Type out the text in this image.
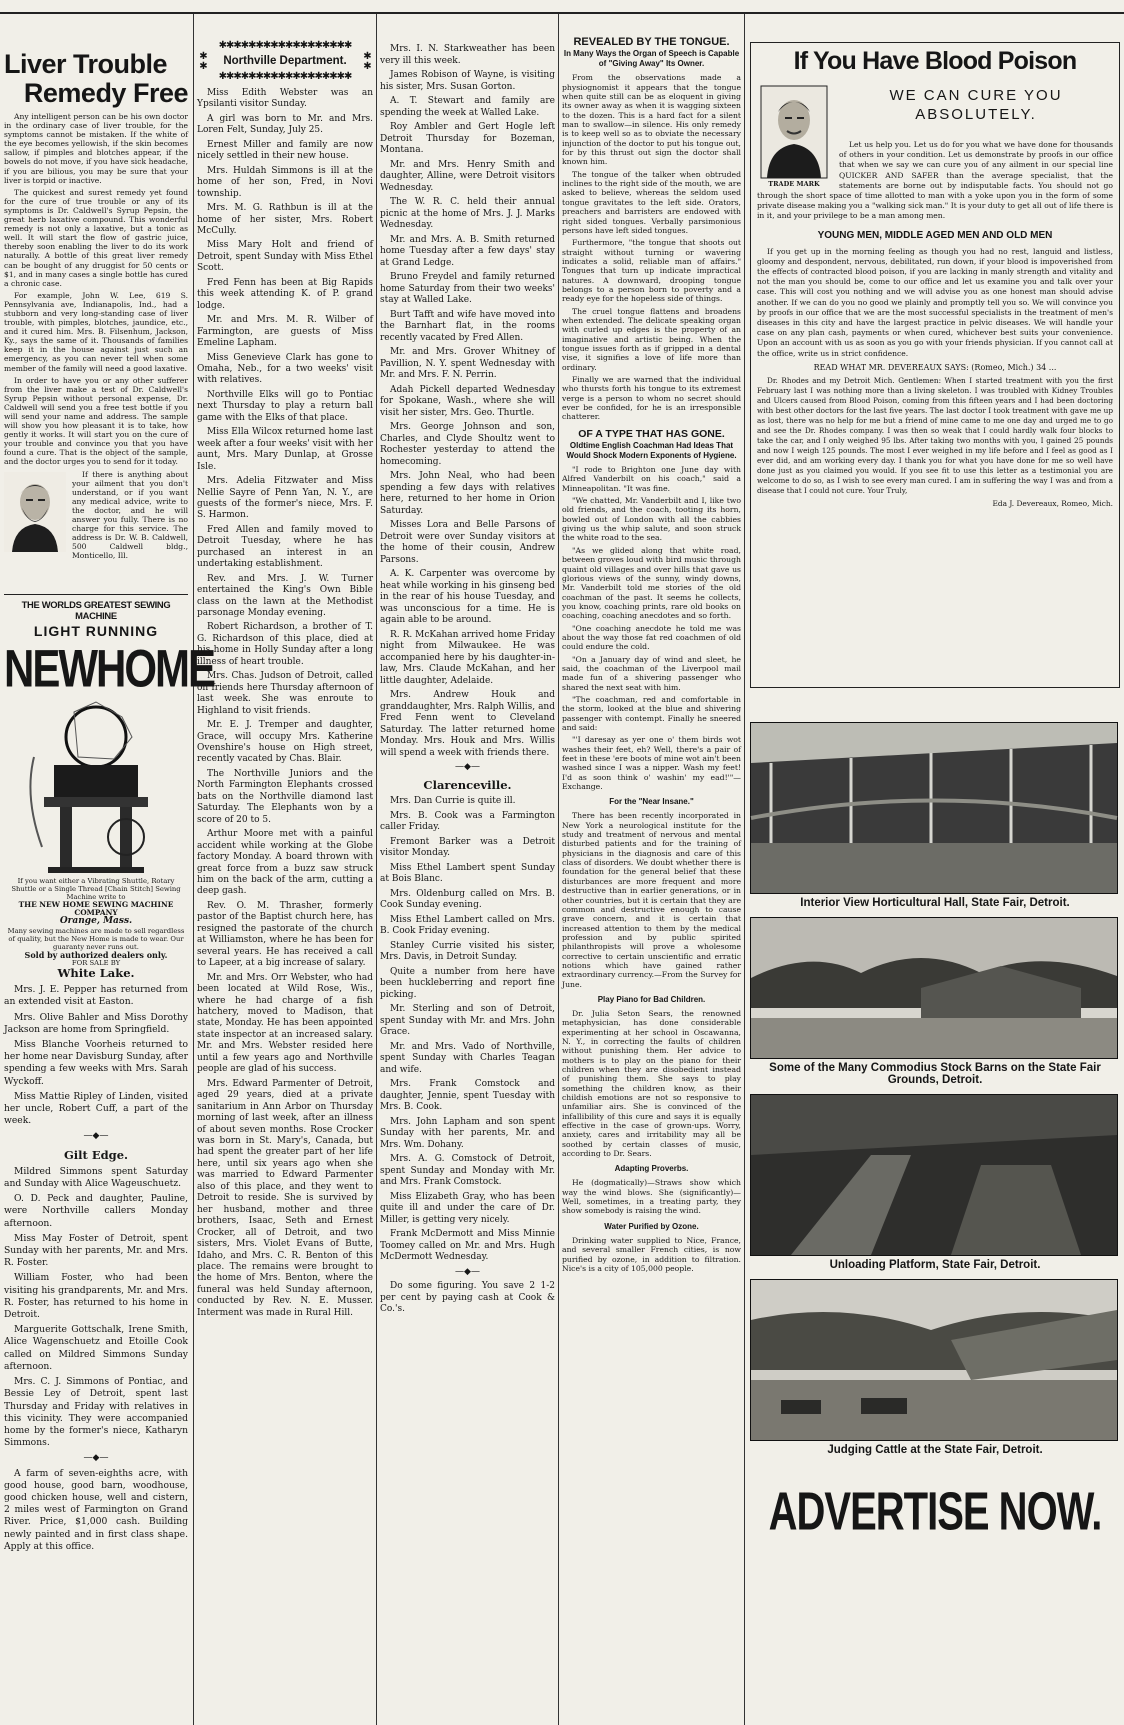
Liver Trouble
Remedy Free

Any intelligent person can be his own doctor in the ordinary case of liver trouble, for the symptoms cannot be mistaken. If the white of the eye becomes yellowish, if the skin becomes sallow, if pimples and blotches appear, if the bowels do not move, if you have sick headache, if you are bilious, you may be sure that your liver is torpid or inactive.

The quickest and surest remedy yet found for the cure of true trouble or any of its symptoms is Dr. Caldwell's Syrup Pepsin, the great herb laxative compound. This wonderful remedy is not only a laxative, but a tonic as well. It will start the flow of gastric juice, thereby soon enabling the liver to do its work naturally. A bottle of this great liver remedy can be bought of any druggist for 50 cents or $1, and in many cases a single bottle has cured a chronic case.

For example, John W. Lee, 619 S. Pennsylvania ave, Indianapolis, Ind., had a stubborn and very long-standing case of liver trouble, with pimples, blotches, jaundice, etc., and it cured him. Mrs. B. Filsenhum, Jackson, Ky., says the same of it. Thousands of families keep it in the house against just such an emergency, as you can never tell when some member of the family will need a good laxative.

In order to have you or any other sufferer from the liver make a test of Dr. Caldwell's Syrup Pepsin without personal expense, Dr. Caldwell will send you a free test bottle if you will send your name and address. The sample will show you how pleasant it is to take, how gently it works. It will start you on the cure of your trouble and convince you that you have found a cure. That is the object of the sample, and the doctor urges you to send for it today.

If there is anything about your ailment that you don't understand, or if you want any medical advice, write to the doctor, and he will answer you fully. There is no charge for this service. The address is Dr. W. B. Caldwell, 500 Caldwell bldg., Monticello, Ill.

THE WORLDS GREATEST SEWING MACHINE
LIGHT RUNNING
NEWHOME
If you want either a Vibrating Shuttle, Rotary Shuttle or a Single Thread [Chain Stitch] Sewing Machine write to
THE NEW HOME SEWING MACHINE COMPANY
Orange, Mass.
Many sewing machines are made to sell regardless of quality, but the New Home is made to wear. Our guaranty never runs out.
Sold by authorized dealers only.
FOR SALE BY
White Lake.

Mrs. J. E. Pepper has returned from an extended visit at Easton.

Mrs. Olive Bahler and Miss Dorothy Jackson are home from Springfield.

Miss Blanche Voorheis returned to her home near Davisburg Sunday, after spending a few weeks with Mrs. Sarah Wyckoff.

Miss Mattie Ripley of Linden, visited her uncle, Robert Cuff, a part of the week.

—◆—
Gilt Edge.

Mildred Simmons spent Saturday and Sunday with Alice Wageuschuetz.

O. D. Peck and daughter, Pauline, were Northville callers Monday afternoon.

Miss May Foster of Detroit, spent Sunday with her parents, Mr. and Mrs. R. Foster.

William Foster, who had been visiting his grandparents, Mr. and Mrs. R. Foster, has returned to his home in Detroit.

Marguerite Gottschalk, Irene Smith, Alice Wagenschuetz and Etoille Cook called on Mildred Simmons Sunday afternoon.

Mrs. C. J. Simmons of Pontiac, and Bessie Ley of Detroit, spent last Thursday and Friday with relatives in this vicinity. They were accompanied home by the former's niece, Katharyn Simmons.

—◆—

A farm of seven-eighths acre, with good house, good barn, woodhouse, good chicken house, well and cistern, 2 miles west of Farmington on Grand River. Price, $1,000 cash. Building newly painted and in first class shape. Apply at this office.

✱✱✱✱✱✱✱✱✱✱✱✱✱✱✱✱✱✱
✱✱	Northville Department.	✱✱
✱✱✱✱✱✱✱✱✱✱✱✱✱✱✱✱✱✱

Miss Edith Webster was an Ypsilanti visitor Sunday.

A girl was born to Mr. and Mrs. Loren Felt, Sunday, July 25.

Ernest Miller and family are now nicely settled in their new house.

Mrs. Huldah Simmons is ill at the home of her son, Fred, in Novi township.

Mrs. M. G. Rathbun is ill at the home of her sister, Mrs. Robert McCully.

Miss Mary Holt and friend of Detroit, spent Sunday with Miss Ethel Scott.

Fred Fenn has been at Big Rapids this week attending K. of P. grand lodge.

Mr. and Mrs. M. R. Wilber of Farmington, are guests of Miss Emeline Lapham.

Miss Genevieve Clark has gone to Omaha, Neb., for a two weeks' visit with relatives.

Northville Elks will go to Pontiac next Thursday to play a return ball game with the Elks of that place.

Miss Ella Wilcox returned home last week after a four weeks' visit with her aunt, Mrs. Mary Dunlap, at Grosse Isle.

Mrs. Adelia Fitzwater and Miss Nellie Sayre of Penn Yan, N. Y., are guests of the former's niece, Mrs. F. S. Harmon.

Fred Allen and family moved to Detroit Tuesday, where he has purchased an interest in an undertaking establishment.

Rev. and Mrs. J. W. Turner entertained the King's Own Bible class on the lawn at the Methodist parsonage Monday evening.

Robert Richardson, a brother of T. G. Richardson of this place, died at his home in Holly Sunday after a long illness of heart trouble.

Mrs. Chas. Judson of Detroit, called on friends here Thursday afternoon of last week. She was enroute to Highland to visit friends.

Mr. E. J. Tremper and daughter, Grace, will occupy Mrs. Katherine Ovenshire's house on High street, recently vacated by Chas. Blair.

The Northville Juniors and the North Farmington Elephants crossed bats on the Northville diamond last Saturday. The Elephants won by a score of 20 to 5.

Arthur Moore met with a painful accident while working at the Globe factory Monday. A board thrown with great force from a buzz saw struck him on the back of the arm, cutting a deep gash.

Rev. O. M. Thrasher, formerly pastor of the Baptist church here, has resigned the pastorate of the church at Williamston, where he has been for several years. He has received a call to Lapeer, at a big increase of salary.

Mr. and Mrs. Orr Webster, who had been located at Wild Rose, Wis., where he had charge of a fish hatchery, moved to Madison, that state, Monday. He has been appointed state inspector at an increased salary. Mr. and Mrs. Webster resided here until a few years ago and Northville people are glad of his success.

Mrs. Edward Parmenter of Detroit, aged 29 years, died at a private sanitarium in Ann Arbor on Thursday morning of last week, after an illness of about seven months. Rose Crocker was born in St. Mary's, Canada, but had spent the greater part of her life here, until six years ago when she was married to Edward Parmenter also of this place, and they went to Detroit to reside. She is survived by her husband, mother and three brothers, Isaac, Seth and Ernest Crocker, all of Detroit, and two sisters, Mrs. Violet Evans of Butte, Idaho, and Mrs. C. R. Benton of this place. The remains were brought to the home of Mrs. Benton, where the funeral was held Sunday afternoon, conducted by Rev. N. E. Musser. Interment was made in Rural Hill.

Mrs. I. N. Starkweather has been very ill this week.

James Robison of Wayne, is visiting his sister, Mrs. Susan Gorton.

A. T. Stewart and family are spending the week at Walled Lake.

Roy Ambler and Gert Hogle left Detroit Thursday for Bozeman, Montana.

Mr. and Mrs. Henry Smith and daughter, Alline, were Detroit visitors Wednesday.

The W. R. C. held their annual picnic at the home of Mrs. J. J. Marks Wednesday.

Mr. and Mrs. A. B. Smith returned home Tuesday after a few days' stay at Grand Ledge.

Bruno Freydel and family returned home Saturday from their two weeks' stay at Walled Lake.

Burt Tafft and wife have moved into the Barnhart flat, in the rooms recently vacated by Fred Allen.

Mr. and Mrs. Grover Whitney of Pavillion, N. Y. spent Wednesday with Mr. and Mrs. F. N. Perrin.

Adah Pickell departed Wednesday for Spokane, Wash., where she will visit her sister, Mrs. Geo. Thurtle.

Mrs. George Johnson and son, Charles, and Clyde Shoultz went to Rochester yesterday to attend the homecoming.

Mrs. John Neal, who had been spending a few days with relatives here, returned to her home in Orion Saturday.

Misses Lora and Belle Parsons of Detroit were over Sunday visitors at the home of their cousin, Andrew Parsons.

A. K. Carpenter was overcome by heat while working in his ginseng bed in the rear of his house Tuesday, and was unconscious for a time. He is again able to be around.

R. R. McKahan arrived home Friday night from Milwaukee. He was accompanied here by his daughter-in-law, Mrs. Claude McKahan, and her little daughter, Adelaide.

Mrs. Andrew Houk and granddaughter, Mrs. Ralph Willis, and Fred Fenn went to Cleveland Saturday. The latter returned home Monday. Mrs. Houk and Mrs. Willis will spend a week with friends there.

—◆—
Clarenceville.

Mrs. Dan Currie is quite ill.

Mrs. B. Cook was a Farmington caller Friday.

Fremont Barker was a Detroit visitor Monday.

Miss Ethel Lambert spent Sunday at Bois Blanc.

Mrs. Oldenburg called on Mrs. B. Cook Sunday evening.

Miss Ethel Lambert called on Mrs. B. Cook Friday evening.

Stanley Currie visited his sister, Mrs. Davis, in Detroit Sunday.

Quite a number from here have been huckleberring and report fine picking.

Mr. Sterling and son of Detroit, spent Sunday with Mr. and Mrs. John Grace.

Mr. and Mrs. Vado of Northville, spent Sunday with Charles Teagan and wife.

Mrs. Frank Comstock and daughter, Jennie, spent Tuesday with Mrs. B. Cook.

Mrs. John Lapham and son spent Sunday with her parents, Mr. and Mrs. Wm. Dohany.

Mrs. A. G. Comstock of Detroit, spent Sunday and Monday with Mr. and Mrs. Frank Comstock.

Miss Elizabeth Gray, who has been quite ill and under the care of Dr. Miller, is getting very nicely.

Frank McDermott and Miss Minnie Toomey called on Mr. and Mrs. Hugh McDermott Wednesday.

—◆—

Do some figuring. You save 2 1-2 per cent by paying cash at Cook & Co.'s.

REVEALED BY THE TONGUE.
In Many Ways the Organ of Speech is Capable of "Giving Away" Its Owner.

From the observations made a physiognomist it appears that the tongue when quite still can be as eloquent in giving its owner away as when it is wagging sixteen to the dozen. This is a hard fact for a silent man to swallow—in silence. His only remedy is to keep well so as to obviate the necessary injunction of the doctor to put his tongue out, for by this thrust out sign the doctor shall known him.

The tongue of the talker when obtruded inclines to the right side of the mouth, we are asked to believe, whereas the seldom used tongue gravitates to the left side. Orators, preachers and barristers are endowed with right sided tongues. Verbally parsimonious persons have left sided tongues.

Furthermore, "the tongue that shoots out straight without turning or wavering indicates a solid, reliable man of affairs." Tongues that turn up indicate impractical natures. A downward, drooping tongue belongs to a person born to poverty and a ready eye for the hopeless side of things.

The cruel tongue flattens and broadens when extended. The delicate speaking organ with curled up edges is the property of an imaginative and artistic being. When the tongue issues forth as if gripped in a dental vise, it signifies a love of life more than ordinary.

Finally we are warned that the individual who thursts forth his tongue to its extremest verge is a person to whom no secret should ever be confided, for he is an irresponsible chatterer.

OF A TYPE THAT HAS GONE.
Oldtime English Coachman Had Ideas That Would Shock Modern Exponents of Hygiene.

"I rode to Brighton one June day with Alfred Vanderbilt on his coach," said a Minneapolitan. "It was fine.

"We chatted, Mr. Vanderbilt and I, like two old friends, and the coach, tooting its horn, bowled out of London with all the cabbies giving us the whip salute, and soon struck the white road to the sea.

"As we glided along that white road, between groves loud with bird music through quaint old villages and over hills that gave us glorious views of the sunny, windy downs, Mr. Vanderbilt told me stories of the old coachman of the past. It seems he collects, you know, coaching prints, rare old books on coaching, coaching anecdotes and so forth.

"One coaching anecdote he told me was about the way those fat red coachmen of old could endure the cold.

"On a January day of wind and sleet, he said, the coachman of the Liverpool mail made fun of a shivering passenger who shared the next seat with him.

"The coachman, red and comfortable in the storm, looked at the blue and shivering passenger with contempt. Finally he sneered and said:

"'I daresay as yer one o' them birds wot washes their feet, eh? Well, there's a pair of feet in these 'ere boots of mine wot ain't been washed since I was a nipper. Wash my feet! I'd as soon think o' washin' my ead!'"—Exchange.

For the "Near Insane."

There has been recently incorporated in New York a neurological institute for the study and treatment of nervous and mental disturbed patients and for the training of physicians in the diagnosis and care of this class of disorders. We doubt whether there is foundation for the general belief that these disturbances are more frequent and more destructive than in earlier generations, or in other countries, but it is certain that they are common and destructive enough to cause grave concern, and it is certain that increased attention to them by the medical profession and by public spirited philanthropists will prove a wholesome corrective to certain unscientific and erratic notions which have gained rather extraordinary currency.—From the Survey for June.

Play Piano for Bad Children.

Dr. Julia Seton Sears, the renowned metaphysician, has done considerable experimenting at her school in Oscawanna, N. Y., in correcting the faults of children without punishing them. Her advice to mothers is to play on the piano for their children when they are disobedient instead of punishing them. She says to play something the children know, as their childish emotions are not so responsive to unfamiliar airs. She is convinced of the infallibility of this cure and says it is equally effective in the case of grown-ups. Worry, anxiety, cares and irritability may all be soothed by certain classes of music, according to Dr. Sears.

Adapting Proverbs.

He (dogmatically)—Straws show which way the wind blows. She (significantly)—Well, sometimes, in a treating party, they show somebody is raising the wind.

Water Purified by Ozone.

Drinking water supplied to Nice, France, and several smaller French cities, is now purified by ozone, in addition to filtration. Nice's is a city of 105,000 people.

If You Have Blood Poison
TRADE MARK
WE CAN CURE YOU ABSOLUTELY.

Let us help you. Let us do for you what we have done for thousands of others in your condition. Let us demonstrate by proofs in our office that when we say we can cure you of any ailment in our special line QUICKER AND SAFER than the average specialist, that the statements are borne out by indisputable facts. You should not go through the short space of time allotted to man with a yoke upon you in the form of some private disease making you a "walking sick man." It is your duty to get all out of life there is in it, and your privilege to be a man among men.

YOUNG MEN, MIDDLE AGED MEN AND OLD MEN

If you get up in the morning feeling as though you had no rest, languid and listless, gloomy and despondent, nervous, debilitated, run down, if your blood is impoverished from the effects of contracted blood poison, if you are lacking in manly strength and vitality and not the man you should be, come to our office and let us examine you and talk over your case. This will cost you nothing and we will advise you as one honest man should advise another. If we can do you no good we plainly and promptly tell you so. We will convince you by proofs in our office that we are the most successful specialists in the treatment of men's diseases in this city and have the largest practice in pelvic diseases. We will handle your case on any plan cash, payments or when cured, whichever best suits your convenience. Upon an account with us as soon as you go with your friends physician. If you cannot call at the office, write us in strict confidence.

READ WHAT MR. DEVEREAUX SAYS: (Romeo, Mich.) 34 ...

Dr. Rhodes and my Detroit Mich. Gentlemen: When I started treatment with you the first February last I was nothing more than a living skeleton. I was troubled with Kidney Troubles and Ulcers caused from Blood Poison, coming from this fifteen years and I had been doctoring with best other doctors for the last five years. The last doctor I took treatment with gave me up as lost, there was no help for me but a friend of mine came to me one day and urged me to go and see the Dr. Rhodes company. I was then so weak that I could hardly walk four blocks to take the car, and I only weighed 95 lbs. After taking two months with you, I gained 25 pounds and now I weigh 125 pounds. The most I ever weighed in my life before and I feel as good as I ever did, and am working every day. I thank you for what you have done for me so well have done just as you claimed you would. If you see fit to use this letter as a testimonial you are welcome to do so, as I wish to see every man cured. I am in suffering the way I was and from a disease that I could not cure. Your Truly,

Eda J. Devereaux, Romeo, Mich.
Interior View Horticultural Hall, State Fair, Detroit.
Some of the Many Commodius Stock Barns on the State Fair Grounds, Detroit.
Unloading Platform, State Fair, Detroit.
Judging Cattle at the State Fair, Detroit.
ADVERTISE NOW.
